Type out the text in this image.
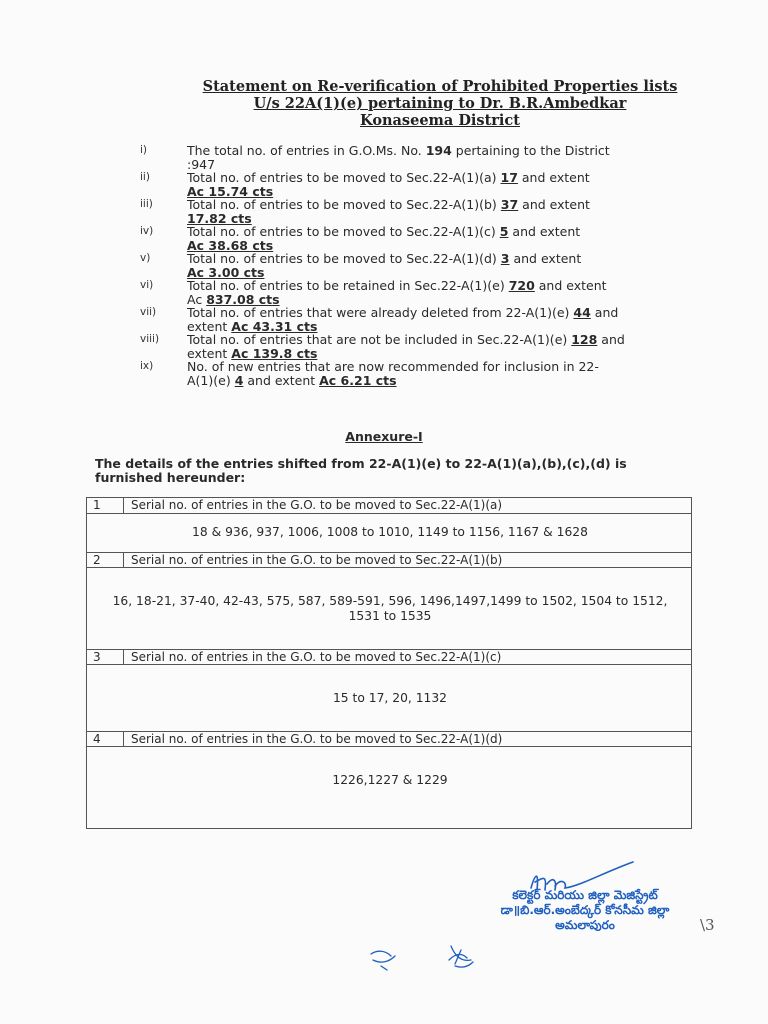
Statement on Re-verification of Prohibited Properties lists
U/s 22A(1)(e) pertaining to Dr. B.R.Ambedkar
Konaseema District
i)	The total no. of entries in G.O.Ms. No. 194 pertaining to the District
:947
ii)	Total no. of entries to be moved to Sec.22-A(1)(a) 17 and extent
Ac 15.74 cts
iii)	Total no. of entries to be moved to Sec.22-A(1)(b) 37 and extent
17.82 cts
iv)	Total no. of entries to be moved to Sec.22-A(1)(c) 5 and extent
Ac 38.68 cts
v)	Total no. of entries to be moved to Sec.22-A(1)(d) 3 and extent
Ac 3.00 cts
vi)	Total no. of entries to be retained in Sec.22-A(1)(e) 720 and extent
Ac 837.08 cts
vii)	Total no. of entries that were already deleted from 22-A(1)(e) 44 and
extent Ac 43.31 cts
viii)	Total no. of entries that are not be included in Sec.22-A(1)(e) 128 and
extent Ac 139.8 cts
ix)	No. of new entries that are now recommended for inclusion in 22-
A(1)(e) 4 and extent Ac 6.21 cts
Annexure-I
The details of the entries shifted from 22-A(1)(e) to 22-A(1)(a),(b),(c),(d) is furnished hereunder:
1	Serial no. of entries in the G.O. to be moved to Sec.22-A(1)(a)
18 & 936, 937, 1006, 1008 to 1010, 1149 to 1156, 1167 & 1628
2	Serial no. of entries in the G.O. to be moved to Sec.22-A(1)(b)
16, 18-21, 37-40, 42-43, 575, 587, 589-591, 596, 1496,1497,1499 to 1502, 1504 to 1512, 1531 to 1535
3	Serial no. of entries in the G.O. to be moved to Sec.22-A(1)(c)
15 to 17, 20, 1132
4	Serial no. of entries in the G.O. to be moved to Sec.22-A(1)(d)
1226,1227 & 1229
కలెక్టర్ మరియు జిల్లా మెజిస్ట్రేట్
డా॥బి.ఆర్.అంబేద్కర్ కోనసీమ జిల్లా
అమలాపురం	\3
